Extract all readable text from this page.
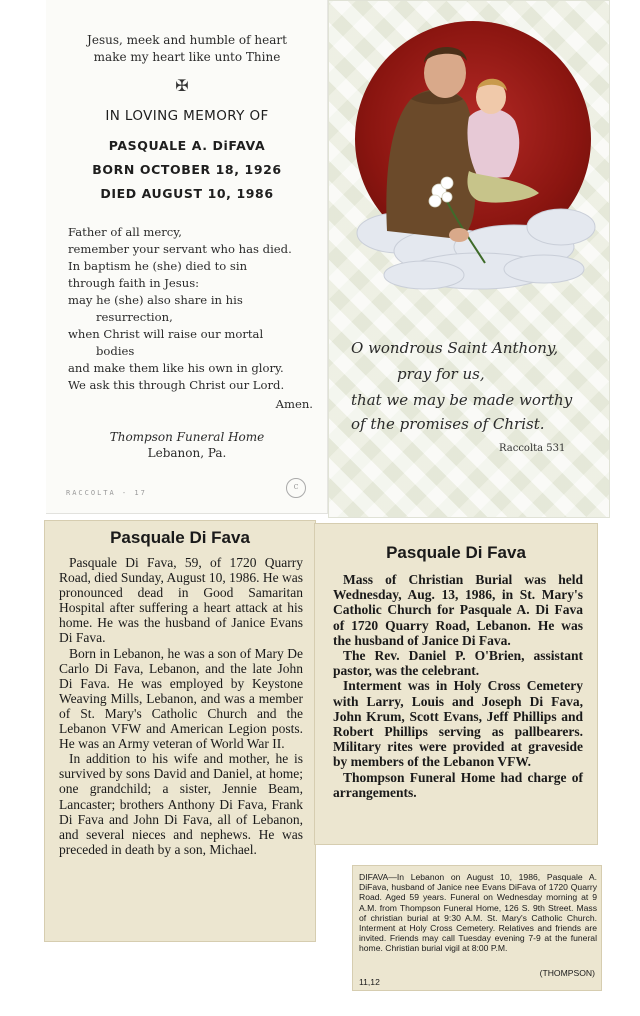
Jesus, meek and humble of heart
make my heart like unto Thine
✠
IN LOVING MEMORY OF
PASQUALE A. DiFAVA
BORN OCTOBER 18, 1926
DIED AUGUST 10, 1986
Father of all mercy,
remember your servant who has died.
In baptism he (she) died to sin
through faith in Jesus:
may he (she) also share in his
resurrection,
when Christ will raise our mortal
bodies
and make them like his own in glory.
We ask this through Christ our Lord.
Amen.
Thompson Funeral Home
Lebanon, Pa.
RACCOLTA - 17
C
O wondrous Saint Anthony,
pray for us,
that we may be made worthy
of the promises of Christ.
Raccolta 531
Pasquale Di Fava

Pasquale Di Fava, 59, of 1720 Quarry Road, died Sunday, August 10, 1986. He was pronounced dead in Good Samaritan Hospital after suffering a heart attack at his home. He was the husband of Janice Evans Di Fava.

Born in Lebanon, he was a son of Mary De Carlo Di Fava, Lebanon, and the late John Di Fava. He was employed by Keystone Weaving Mills, Lebanon, and was a member of St. Mary's Catholic Church and the Lebanon VFW and American Legion posts. He was an Army veteran of World War II.

In addition to his wife and mother, he is survived by sons David and Daniel, at home; one grandchild; a sister, Jennie Beam, Lancaster; brothers Anthony Di Fava, Frank Di Fava and John Di Fava, all of Lebanon, and several nieces and nephews. He was preceded in death by a son, Michael.

Pasquale Di Fava

Mass of Christian Burial was held Wednesday, Aug. 13, 1986, in St. Mary's Catholic Church for Pasquale A. Di Fava of 1720 Quarry Road, Lebanon. He was the husband of Janice Di Fava.

The Rev. Daniel P. O'Brien, assistant pastor, was the celebrant.

Interment was in Holy Cross Cemetery with Larry, Louis and Joseph Di Fava, John Krum, Scott Evans, Jeff Phillips and Robert Phillips serving as pallbearers. Military rites were provided at graveside by members of the Lebanon VFW.

Thompson Funeral Home had charge of arrangements.

DIFAVA—In Lebanon on August 10, 1986, Pasquale A. DiFava, husband of Janice nee Evans DiFava of 1720 Quarry Road. Aged 59 years. Funeral on Wednesday morning at 9 A.M. from Thompson Funeral Home, 126 S. 9th Street. Mass of christian burial at 9:30 A.M. St. Mary's Catholic Church. Interment at Holy Cross Cemetery. Relatives and friends are invited. Friends may call Tuesday evening 7-9 at the funeral home. Christian burial vigil at 8:00 P.M.
(THOMPSON)
11,12
